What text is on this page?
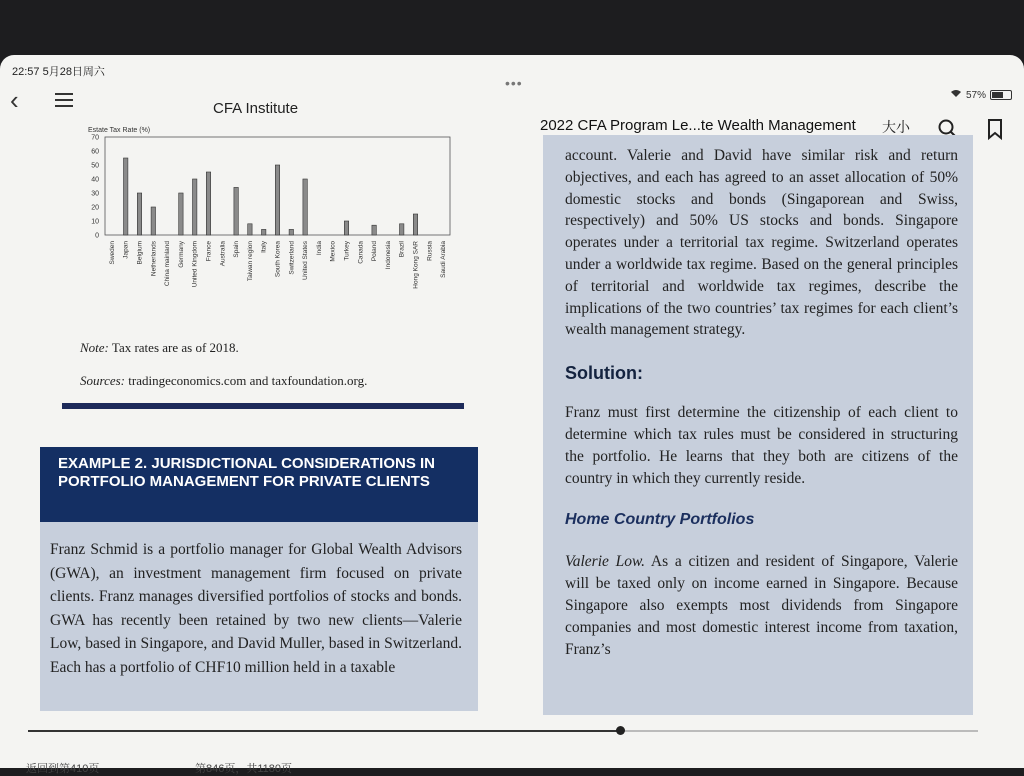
22:57 5月28日周六
•••
57%
‹	CFA Institute
2022 CFA Program Le...te Wealth Management 大小
Estate Tax Rate (%)
0
10
20
30
40
50
60
70
Sweden Japan Belgium Netherlands China mainland Germany United Kingdom France Australia Spain Taiwan region Italy South Korea Switzerland United States India Mexico Turkey Canada Poland Indonesia Brazil Hong Kong SAR Russia Saudi Arabia
Note: Tax rates are as of 2018.
Sources: tradingeconomics.com and taxfoundation.org.
EXAMPLE 2. JURISDICTIONAL CONSIDERATIONS IN PORTFOLIO MANAGEMENT FOR PRIVATE CLIENTS
Franz Schmid is a portfolio manager for Global Wealth Advisors (GWA), an investment management firm focused on private clients. Franz manages diversified portfolios of stocks and bonds. GWA has recently been retained by two new clients—Valerie Low, based in Singapore, and David Muller, based in Switzerland. Each has a portfolio of CHF10 million held in a taxable
account. Valerie and David have similar risk and return objectives, and each has agreed to an asset allocation of 50% domestic stocks and bonds (Singaporean and Swiss, respectively) and 50% US stocks and bonds. Singapore operates under a territorial tax regime. Switzerland operates under a worldwide tax regime. Based on the general principles of territorial and worldwide tax regimes, describe the implications of the two countries’ tax regimes for each client’s wealth management strategy.
Solution:
Franz must first determine the citizenship of each client to determine which tax rules must be considered in structuring the portfolio. He learns that they both are citizens of the country in which they currently reside.
Home Country Portfolios
Valerie Low. As a citizen and resident of Singapore, Valerie will be taxed only on income earned in Singapore. Because Singapore also exempts most dividends from Singapore companies and most domestic interest income from taxation, Franz’s
返回到第410页	第846页，共1180页
